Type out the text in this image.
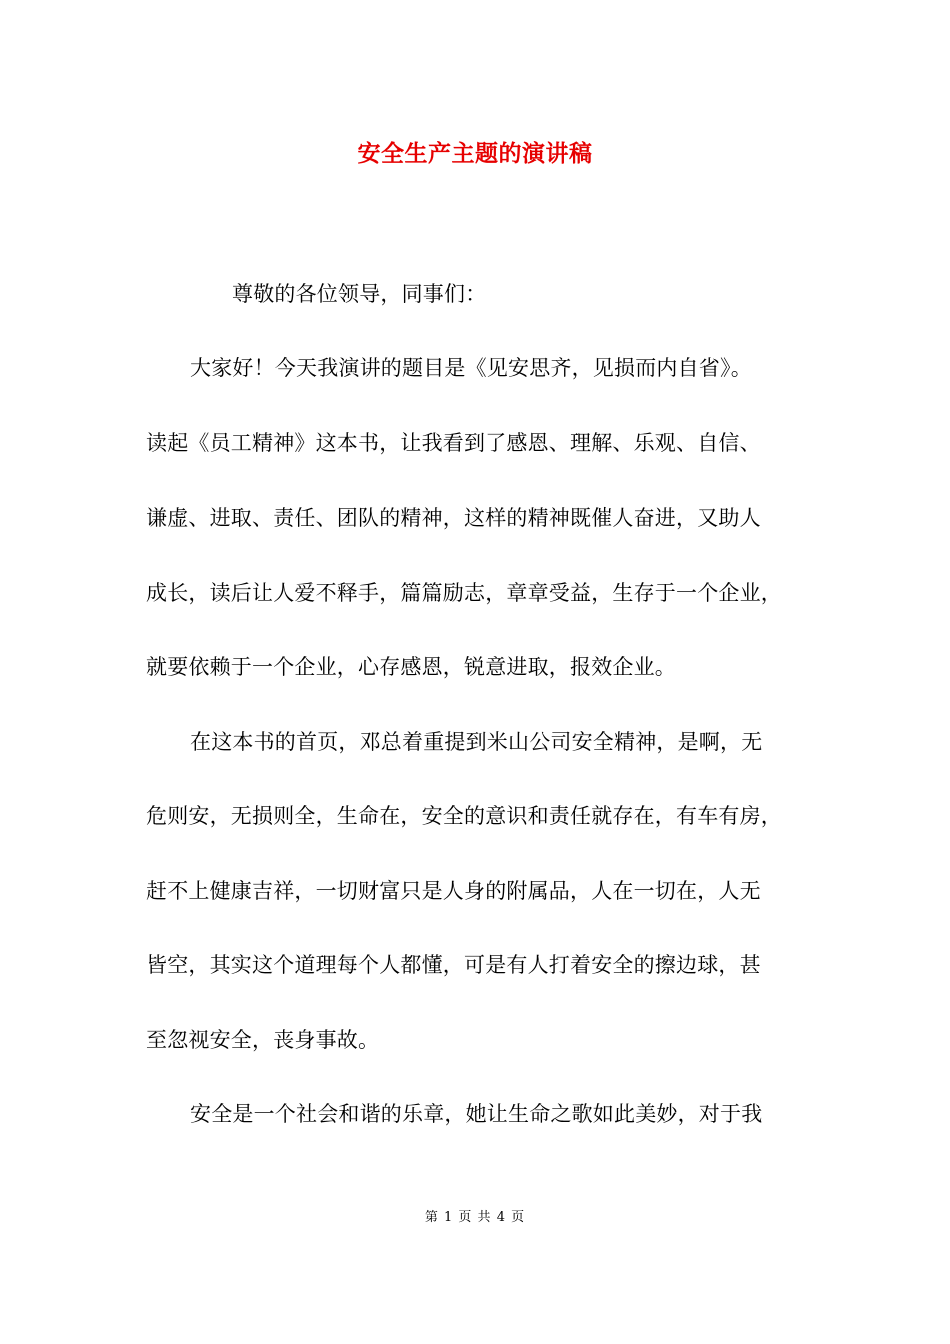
安全生产主题的演讲稿
尊敬的各位领导，同事们：
大家好！今天我演讲的题目是《见安思齐，见损而内自省》。
读起《员工精神》这本书，让我看到了感恩、理解、乐观、自信、
谦虚、进取、责任、团队的精神，这样的精神既催人奋进，又助人
成长，读后让人爱不释手，篇篇励志，章章受益，生存于一个企业，
就要依赖于一个企业，心存感恩，锐意进取，报效企业。
在这本书的首页，邓总着重提到米山公司安全精神，是啊，无
危则安，无损则全，生命在，安全的意识和责任就存在，有车有房，
赶不上健康吉祥，一切财富只是人身的附属品，人在一切在，人无
皆空，其实这个道理每个人都懂，可是有人打着安全的擦边球，甚
至忽视安全，丧身事故。
安全是一个社会和谐的乐章，她让生命之歌如此美妙，对于我
第 1 页 共 4 页
